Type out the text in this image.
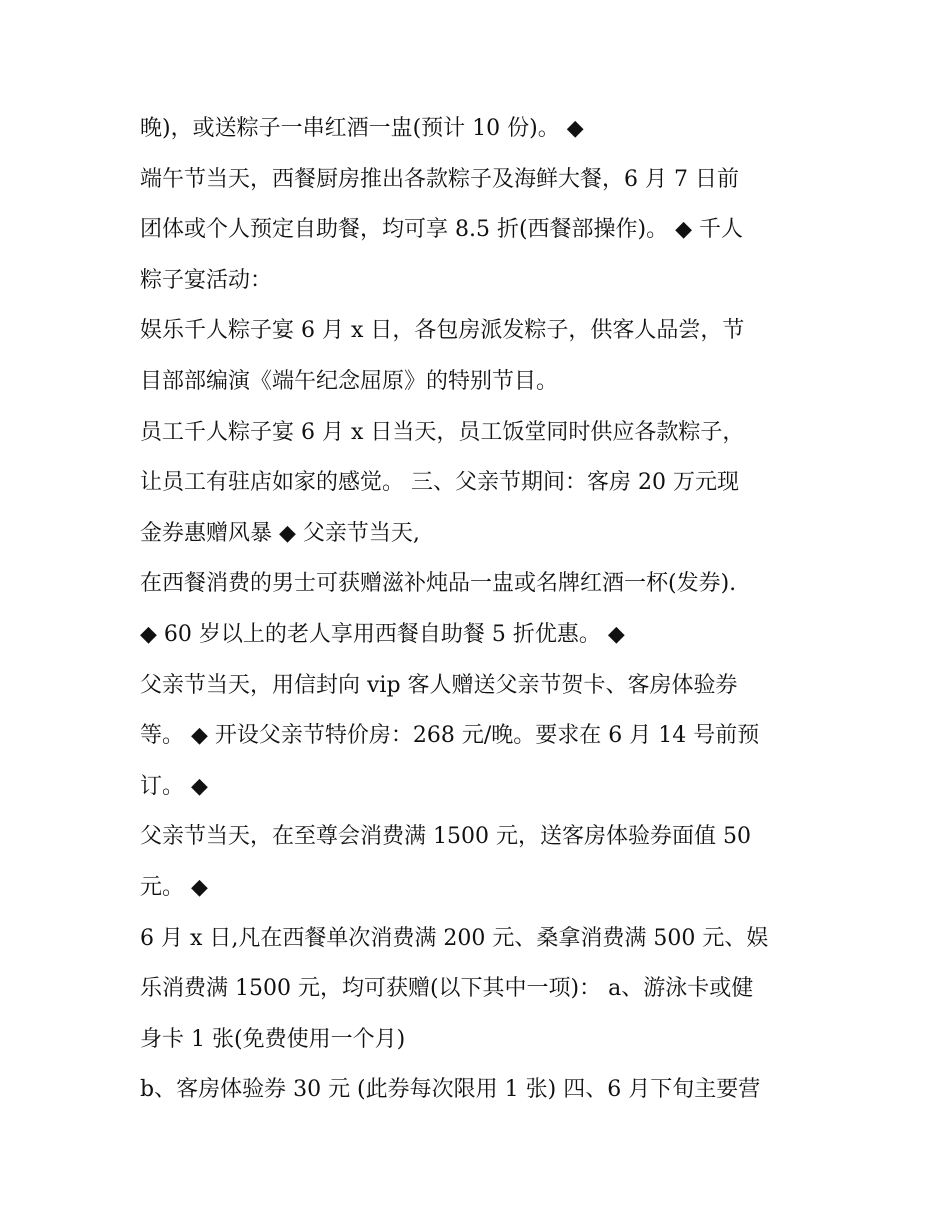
晚)，或送粽子一串红酒一盅(预计 10 份)。 ◆
端午节当天，西餐厨房推出各款粽子及海鲜大餐，6 月 7 日前
团体或个人预定自助餐，均可享 8.5 折(西餐部操作)。 ◆ 千人
粽子宴活动：
娱乐千人粽子宴 6 月 x 日，各包房派发粽子，供客人品尝，节
目部部编演《端午纪念屈原》的特别节目。
员工千人粽子宴 6 月 x 日当天，员工饭堂同时供应各款粽子，
让员工有驻店如家的感觉。 三、父亲节期间：客房 20 万元现
金券惠赠风暴 ◆ 父亲节当天,
在西餐消费的男士可获赠滋补炖品一盅或名牌红酒一杯(发券).
◆ 60 岁以上的老人享用西餐自助餐 5 折优惠。 ◆
父亲节当天，用信封向 vip 客人赠送父亲节贺卡、客房体验券
等。 ◆ 开设父亲节特价房：268 元/晚。要求在 6 月 14 号前预
订。 ◆
父亲节当天，在至尊会消费满 1500 元，送客房体验券面值 50
元。 ◆
6 月 x 日,凡在西餐单次消费满 200 元、桑拿消费满 500 元、娱
乐消费满 1500 元，均可获赠(以下其中一项)： a、游泳卡或健
身卡 1 张(免费使用一个月)
b、客房体验券 30 元 (此券每次限用 1 张) 四、6 月下旬主要营
